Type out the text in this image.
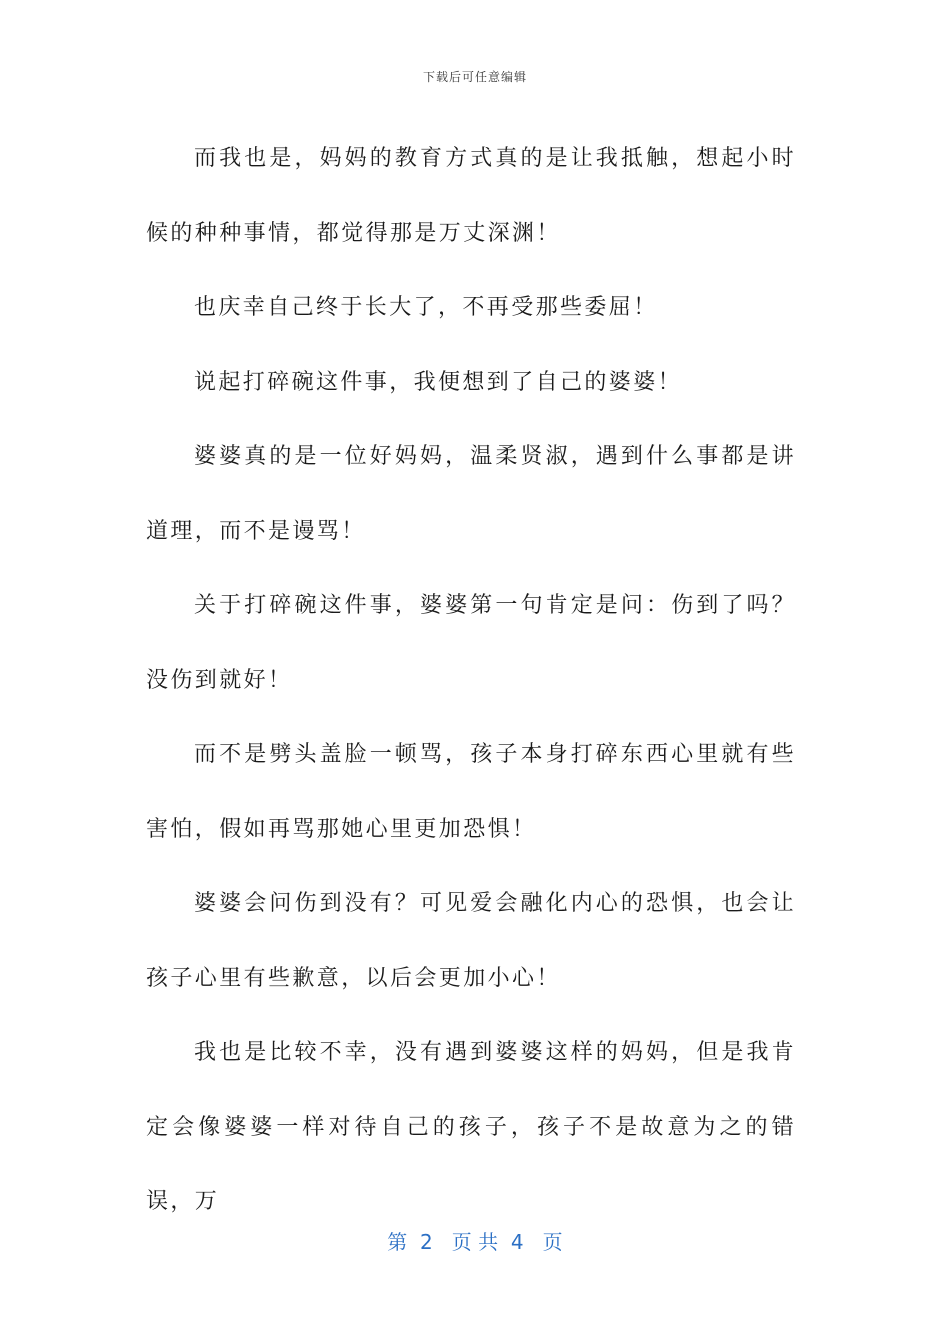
下载后可任意编辑

而我也是，妈妈的教育方式真的是让我抵触，想起小时候的种种事情，都觉得那是万丈深渊！

也庆幸自己终于长大了，不再受那些委屈！

说起打碎碗这件事，我便想到了自己的婆婆！

婆婆真的是一位好妈妈，温柔贤淑，遇到什么事都是讲道理，而不是谩骂！

关于打碎碗这件事，婆婆第一句肯定是问：伤到了吗？没伤到就好！

而不是劈头盖脸一顿骂，孩子本身打碎东西心里就有些害怕，假如再骂那她心里更加恐惧！

婆婆会问伤到没有？可见爱会融化内心的恐惧，也会让孩子心里有些歉意，以后会更加小心！

我也是比较不幸，没有遇到婆婆这样的妈妈，但是我肯定会像婆婆一样对待自己的孩子，孩子不是故意为之的错误，万

第  2   页 共  4   页
